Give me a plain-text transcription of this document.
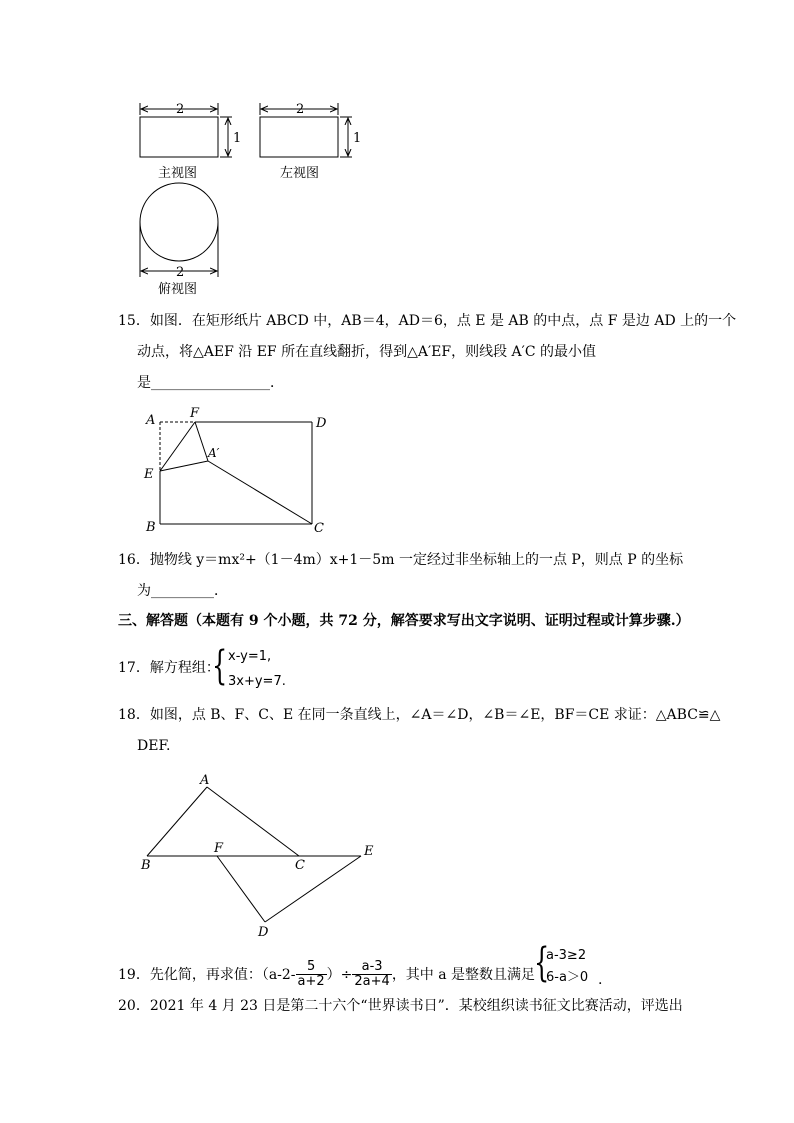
2
1
主视图
2
1
左视图
2
俯视图
15．如图．在矩形纸片 ABCD 中，AB＝4，AD＝6，点 E 是 AB 的中点，点 F 是边 AD 上的一个
动点，将△AEF 沿 EF 所在直线翻折，得到△A′EF，则线段 A′C 的最小值
是_________________．
A	F
D
A′
E
B	C
16．抛物线 y＝mx²+（1－4m）x+1－5m 一定经过非坐标轴上的一点 P，则点 P 的坐标
为_________．
三、解答题（本题有 9 个小题，共 72 分，解答要求写出文字说明、证明过程或计算步骤.）
17．解方程组：
{ x-y=1,
3x+y=7.
18．如图，点 B、F、C、E 在同一条直线上，∠A＝∠D，∠B＝∠E，BF＝CE 求证：△ABC≌△
DEF.
A
B
F
C
E
D
19．先化简，再求值：（$a-2- \frac{5}{a+2}$ ）÷ $\frac{a-3}{2a+4}$ ，其中 a 是整数且满足
{
a-3≥2
6-a＞0 .
20．2021 年 4 月 23 日是第二十六个“世界读书日”．某校组织读书征文比赛活动，评选出
